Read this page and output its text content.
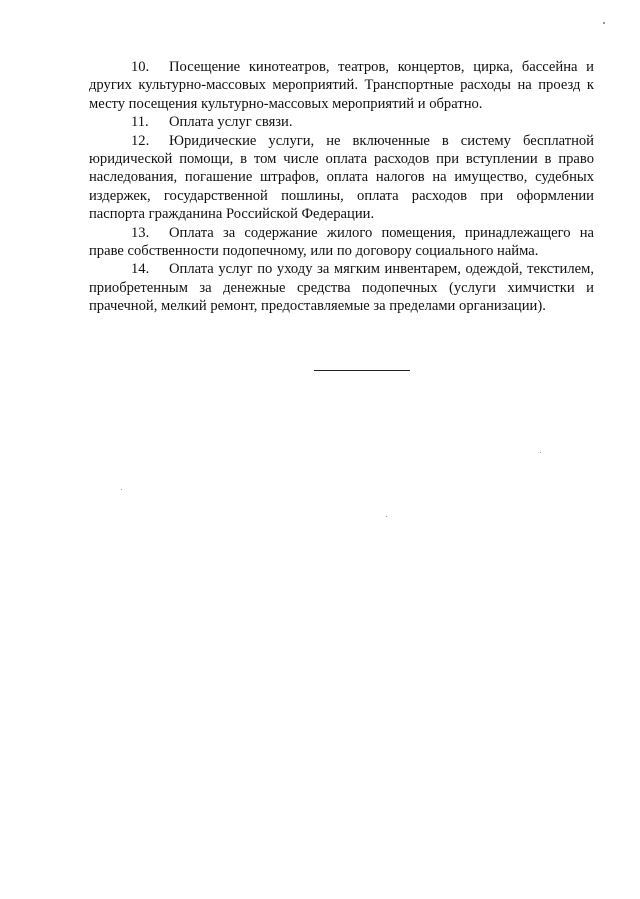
10. Посещение кинотеатров, театров, концертов, цирка, бассейна и других культурно-массовых мероприятий. Транспортные расходы на проезд к месту посещения культурно-массовых мероприятий и обратно.

11. Оплата услуг связи.

12. Юридические услуги, не включенные в систему бесплатной юридической помощи, в том числе оплата расходов при вступлении в право наследования, погашение штрафов, оплата налогов на имущество, судебных издержек, государственной пошлины, оплата расходов при оформлении паспорта гражданина Российской Федерации.

13. Оплата за содержание жилого помещения, принадлежащего на праве собственности подопечному, или по договору социального найма.

14. Оплата услуг по уходу за мягким инвентарем, одеждой, текстилем, приобретенным за денежные средства подопечных (услуги химчистки и прачечной, мелкий ремонт, предоставляемые за пределами организации).
